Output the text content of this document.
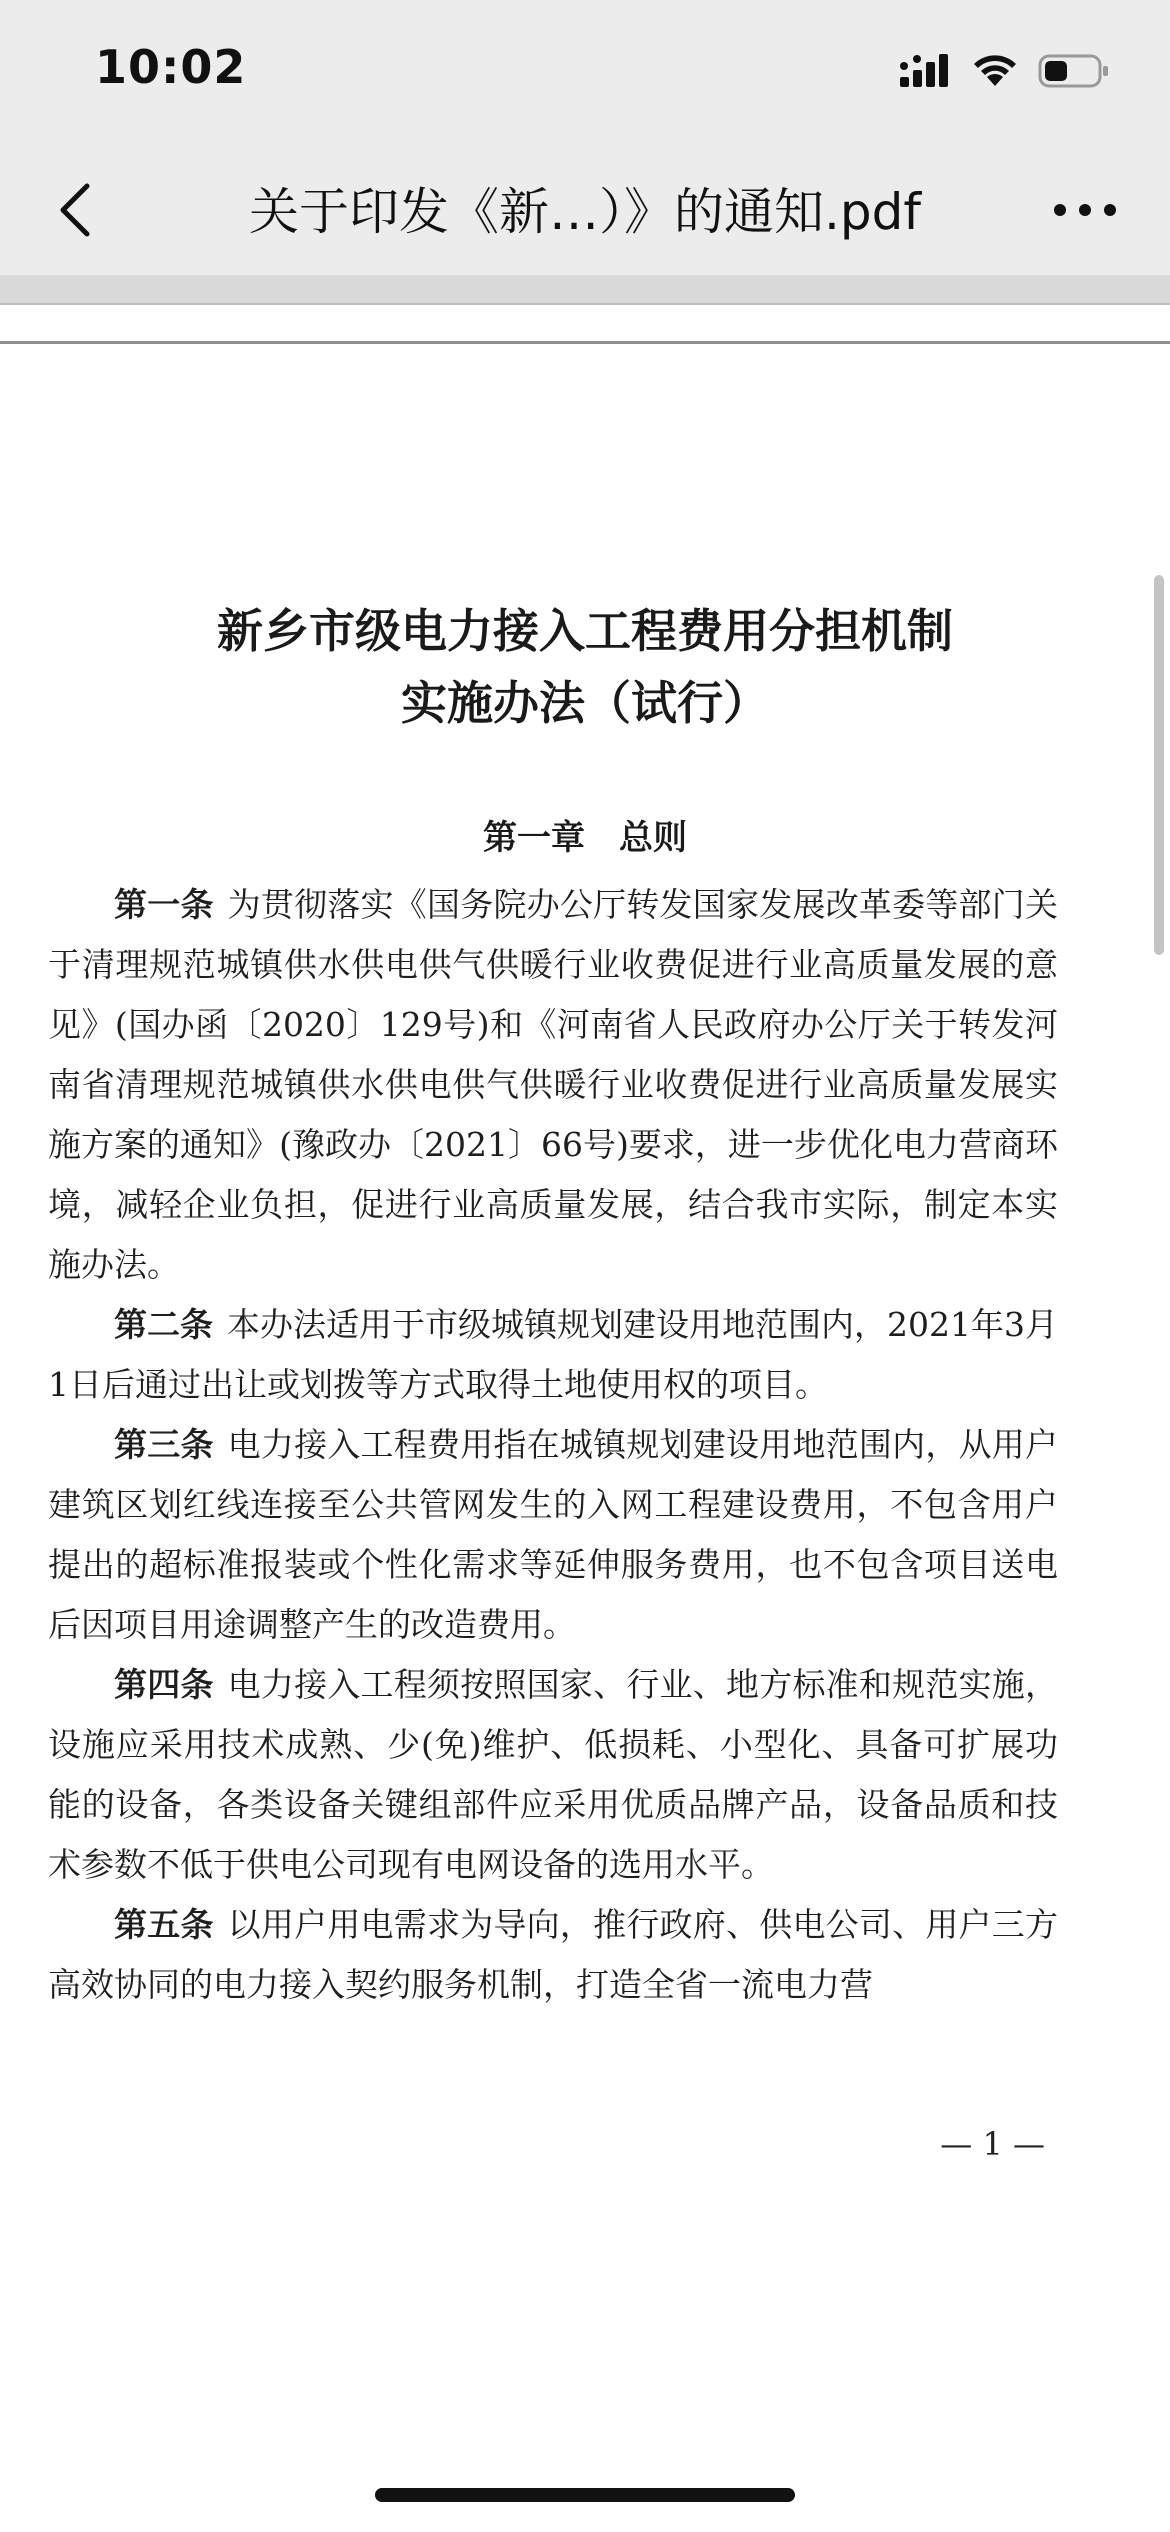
10:02
关于印发《新…）》的通知.pdf
新乡市级电力接入工程费用分担机制
实施办法（试行）
第一章　总则

第一条 为贯彻落实《国务院办公厅转发国家发展改革委等部门关于清理规范城镇供水供电供气供暖行业收费促进行业高质量发展的意见》(国办函〔2020〕129号)和《河南省人民政府办公厅关于转发河南省清理规范城镇供水供电供气供暖行业收费促进行业高质量发展实施方案的通知》(豫政办〔2021〕66号)要求，进一步优化电力营商环境，减轻企业负担，促进行业高质量发展，结合我市实际，制定本实施办法。

第二条 本办法适用于市级城镇规划建设用地范围内，2021年3月1日后通过出让或划拨等方式取得土地使用权的项目。

第三条 电力接入工程费用指在城镇规划建设用地范围内，从用户建筑区划红线连接至公共管网发生的入网工程建设费用，不包含用户提出的超标准报装或个性化需求等延伸服务费用，也不包含项目送电后因项目用途调整产生的改造费用。

第四条 电力接入工程须按照国家、行业、地方标准和规范实施，设施应采用技术成熟、少(免)维护、低损耗、小型化、具备可扩展功能的设备，各类设备关键组部件应采用优质品牌产品，设备品质和技术参数不低于供电公司现有电网设备的选用水平。

第五条 以用户用电需求为导向，推行政府、供电公司、用户三方高效协同的电力接入契约服务机制，打造全省一流电力营

— 1 —
